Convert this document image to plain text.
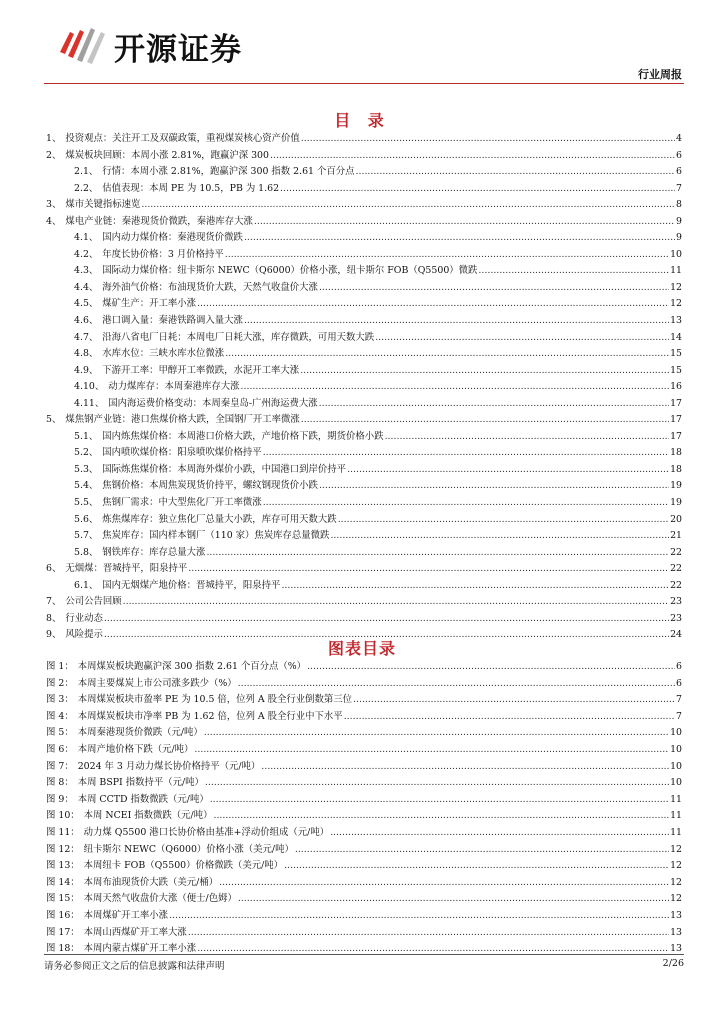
开源证券
行业周报
目 录
1、 投资观点：关注开工及双碳政策，重视煤炭核心资产价值 .....	4
2、 煤炭板块回顾：本周小涨 2.81%，跑赢沪深 300 .....	6
2.1、 行情：本周小涨 2.81%，跑赢沪深 300 指数 2.61 个百分点 .....	6
2.2、 估值表现：本周 PE 为 10.5，PB 为 1.62 .....	7
3、 煤市关键指标速览 .....	8
4、 煤电产业链：秦港现货价微跌，秦港库存大涨 .....	9
4.1、 国内动力煤价格：秦港现货价微跌 .....	9
4.2、 年度长协价格：3 月价格持平 .....	10
4.3、 国际动力煤价格：纽卡斯尔 NEWC（Q6000）价格小涨，纽卡斯尔 FOB（Q5500）微跌 .....	11
4.4、 海外油气价格：布油现货价大跌，天然气收盘价大涨 .....	12
4.5、 煤矿生产：开工率小涨 .....	12
4.6、 港口调入量：秦港铁路调入量大涨 .....	13
4.7、 沿海八省电厂日耗：本周电厂日耗大涨，库存微跌，可用天数大跌 .....	14
4.8、 水库水位：三峡水库水位微涨 .....	15
4.9、 下游开工率：甲醇开工率微跌，水泥开工率大涨 .....	15
4.10、 动力煤库存：本周秦港库存大涨 .....	16
4.11、 国内海运费价格变动：本周秦皇岛-广州海运费大涨 .....	17
5、 煤焦钢产业链：港口焦煤价格大跌，全国钢厂开工率微涨 .....	17
5.1、 国内炼焦煤价格：本周港口价格大跌，产地价格下跌，期货价格小跌 .....	17
5.2、 国内喷吹煤价格：阳泉喷吹煤价格持平 .....	18
5.3、 国际炼焦煤价格：本周海外煤价小跌，中国港口到岸价持平 .....	18
5.4、 焦钢价格：本周焦炭现货价持平，螺纹钢现货价小跌 .....	19
5.5、 焦钢厂需求：中大型焦化厂开工率微涨 .....	19
5.6、 炼焦煤库存：独立焦化厂总量大小跌，库存可用天数大跌 .....	20
5.7、 焦炭库存：国内样本钢厂（110 家）焦炭库存总量微跌 .....	21
5.8、 钢铁库存：库存总量大涨 .....	22
6、 无烟煤：晋城持平，阳泉持平 .....	22
6.1、 国内无烟煤产地价格：晋城持平，阳泉持平 .....	22
7、 公司公告回顾 .....	23
8、 行业动态 .....	23
9、 风险提示 .....	24
图表目录
图 1： 本周煤炭板块跑赢沪深 300 指数 2.61 个百分点（%） .....	6
图 2： 本周主要煤炭上市公司涨多跌少（%） .....	6
图 3： 本周煤炭板块市盈率 PE 为 10.5 倍，位列 A 股全行业倒数第三位 .....	7
图 4： 本周煤炭板块市净率 PB 为 1.62 倍，位列 A 股全行业中下水平 .....	7
图 5： 本周秦港现货价微跌（元/吨） .....	10
图 6： 本周产地价格下跌（元/吨） .....	10
图 7： 2024 年 3 月动力煤长协价格持平（元/吨） .....	10
图 8： 本周 BSPI 指数持平（元/吨） .....	10
图 9： 本周 CCTD 指数微跌（元/吨） .....	11
图 10： 本周 NCEI 指数微跌（元/吨） .....	11
图 11： 动力煤 Q5500 港口长协价格由基准+浮动价组成（元/吨） .....	11
图 12： 纽卡斯尔 NEWC（Q6000）价格小涨（美元/吨） .....	12
图 13： 本周纽卡 FOB（Q5500）价格微跌（美元/吨） .....	12
图 14： 本周布油现货价大跌（美元/桶） .....	12
图 15： 本周天然气收盘价大涨（便士/色姆） .....	12
图 16： 本周煤矿开工率小涨 .....	13
图 17： 本周山西煤矿开工率大涨 .....	13
图 18： 本周内蒙古煤矿开工率小涨 .....	13
请务必参阅正文之后的信息披露和法律声明	2/26
